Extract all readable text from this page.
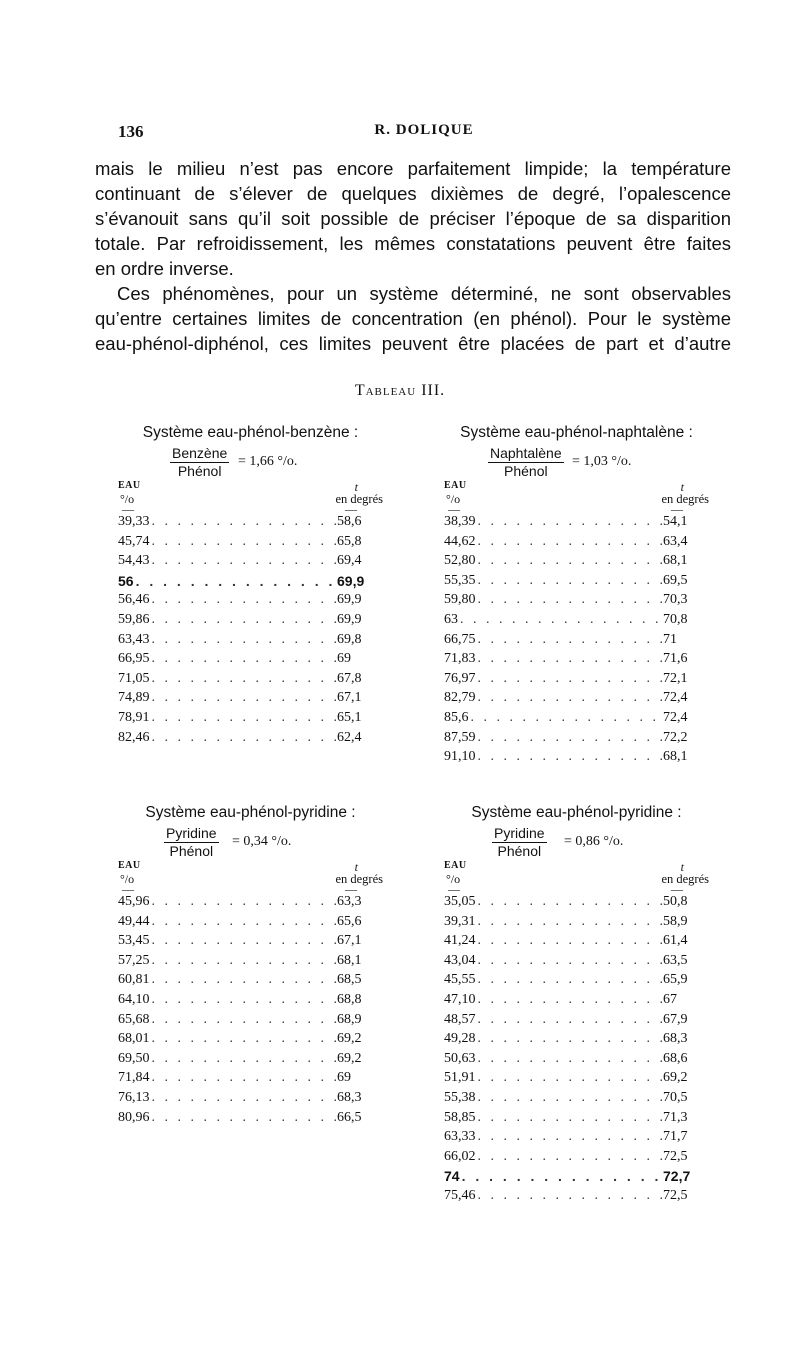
136	R. DOLIQUE

mais le milieu n’est pas encore parfaitement limpide; la température

continuant de s’élever de quelques dixièmes de degré, l’opalescence

s’évanouit sans qu’il soit possible de préciser l’époque de sa disparition

totale. Par refroidissement, les mêmes constatations peuvent être faites

en ordre inverse.

Ces phénomènes, pour un système déterminé, ne sont observables

qu’entre certaines limites de concentration (en phénol). Pour le système

eau-phénol-diphénol, ces limites peuvent être placées de part et d’autre

Tableau III.
Système eau-phénol-benzène :
Benzène
Phénol
= 1,66 °/o.
EAU
°/o
t
en degrés
—	—
39,33 . . .	58,6
45,74 . . .	65,8
54,43 . . .	69,4
56 . . .	69,9
56,46 . . .	69,9
59,86 . . .	69,9
63,43 . . .	69,8
66,95 . . .	69
71,05 . . .	67,8
74,89 . . .	67,1
78,91 . . .	65,1
82,46 . . .	62,4
Système eau-phénol-naphtalène :
Naphtalène
Phénol
= 1,03 °/o.
EAU
°/o
t
en degrés
—	—
38,39 . . .	54,1
44,62 . . .	63,4
52,80 . . .	68,1
55,35 . . .	69,5
59,80 . . .	70,3
63 . . .	70,8
66,75 . . .	71
71,83 . . .	71,6
76,97 . . .	72,1
82,79 . . .	72,4
85,6 . . .	72,4
87,59 . . .	72,2
91,10 . . .	68,1
Système eau-phénol-pyridine :
Pyridine
Phénol
= 0,34 °/o.
EAU
°/o
t
en degrés
—	—
45,96 . . .	63,3
49,44 . . .	65,6
53,45 . . .	67,1
57,25 . . .	68,1
60,81 . . .	68,5
64,10 . . .	68,8
65,68 . . .	68,9
68,01 . . .	69,2
69,50 . . .	69,2
71,84 . . .	69
76,13 . . .	68,3
80,96 . . .	66,5
Système eau-phénol-pyridine :
Pyridine
Phénol
= 0,86 °/o.
EAU
°/o
t
en degrés
—	—
35,05 . . .	50,8
39,31 . . .	58,9
41,24 . . .	61,4
43,04 . . .	63,5
45,55 . . .	65,9
47,10 . . .	67
48,57 . . .	67,9
49,28 . . .	68,3
50,63 . . .	68,6
51,91 . . .	69,2
55,38 . . .	70,5
58,85 . . .	71,3
63,33 . . .	71,7
66,02 . . .	72,5
74 . . .	72,7
75,46 . . .	72,5
